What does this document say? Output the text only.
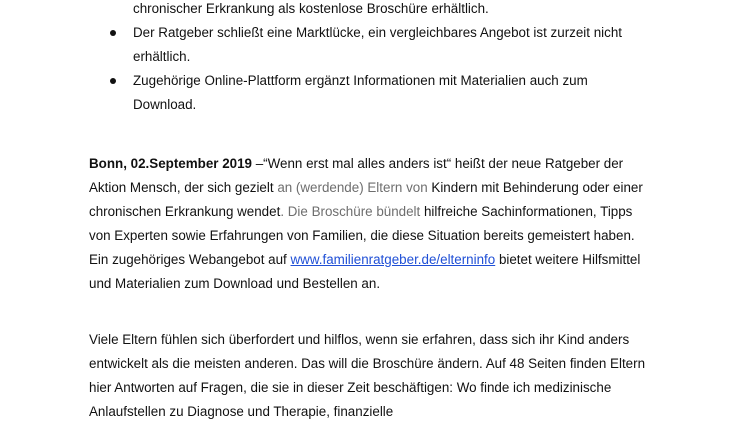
chronischer Erkrankung als kostenlose Broschüre erhältlich.
Der Ratgeber schließt eine Marktlücke, ein vergleichbares Angebot ist zurzeit nicht erhältlich.
Zugehörige Online-Plattform ergänzt Informationen mit Materialien auch zum Download.

Bonn, 02.September 2019 –“Wenn erst mal alles anders ist“ heißt der neue Ratgeber der Aktion Mensch, der sich gezielt an (werdende) Eltern von Kindern mit Behinderung oder einer chronischen Erkrankung wendet. Die Broschüre bündelt hilfreiche Sachinformationen, Tipps von Experten sowie Erfahrungen von Familien, die diese Situation bereits gemeistert haben. Ein zugehöriges Webangebot auf www.familienratgeber.de/elterninfo bietet weitere Hilfsmittel und Materialien zum Download und Bestellen an.

Viele Eltern fühlen sich überfordert und hilflos, wenn sie erfahren, dass sich ihr Kind anders entwickelt als die meisten anderen. Das will die Broschüre ändern. Auf 48 Seiten finden Eltern hier Antworten auf Fragen, die sie in dieser Zeit beschäftigen: Wo finde ich medizinische Anlaufstellen zu Diagnose und Therapie, finanzielle
